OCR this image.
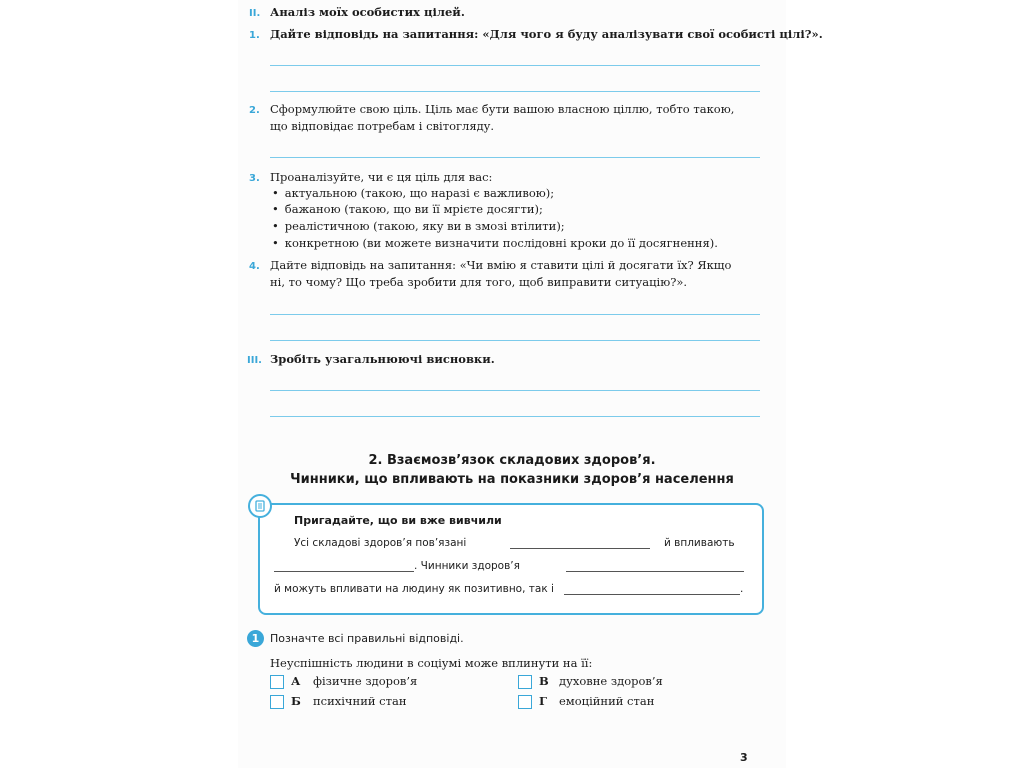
II. Аналіз моїх особистих цілей.
1. Дайте відповідь на запитання: «Для чого я буду аналізувати свої особисті цілі?».
2. Сформулюйте свою ціль. Ціль має бути вашою власною ціллю, тобто такою,
що відповідає потребам і світогляду.
3. Проаналізуйте, чи є ця ціль для вас:
• актуальною (такою, що наразі є важливою);
• бажаною (такою, що ви її мрієте досягти);
• реалістичною (такою, яку ви в змозі втілити);
• конкретною (ви можете визначити послідовні кроки до її досягнення).
4. Дайте відповідь на запитання: «Чи вмію я ставити цілі й досягати їх? Якщо
ні, то чому? Що треба зробити для того, щоб виправити ситуацію?».
III. Зробіть узагальнюючі висновки.
2. Взаємозв’язок складових здоров’я.
Чинники, що впливають на показники здоров’я населення
Пригадайте, що ви вже вивчили
Усі складові здоров’я пов’язані	й впливають
. Чинники здоров’я
й можуть впливати на людину як позитивно, так і	.
1 Позначте всі правильні відповіді.
Неуспішність людини в соціумі може вплинути на її:
А фізичне здоров’я	В духовне здоров’я
Б психічний стан	Г емоційний стан
3
